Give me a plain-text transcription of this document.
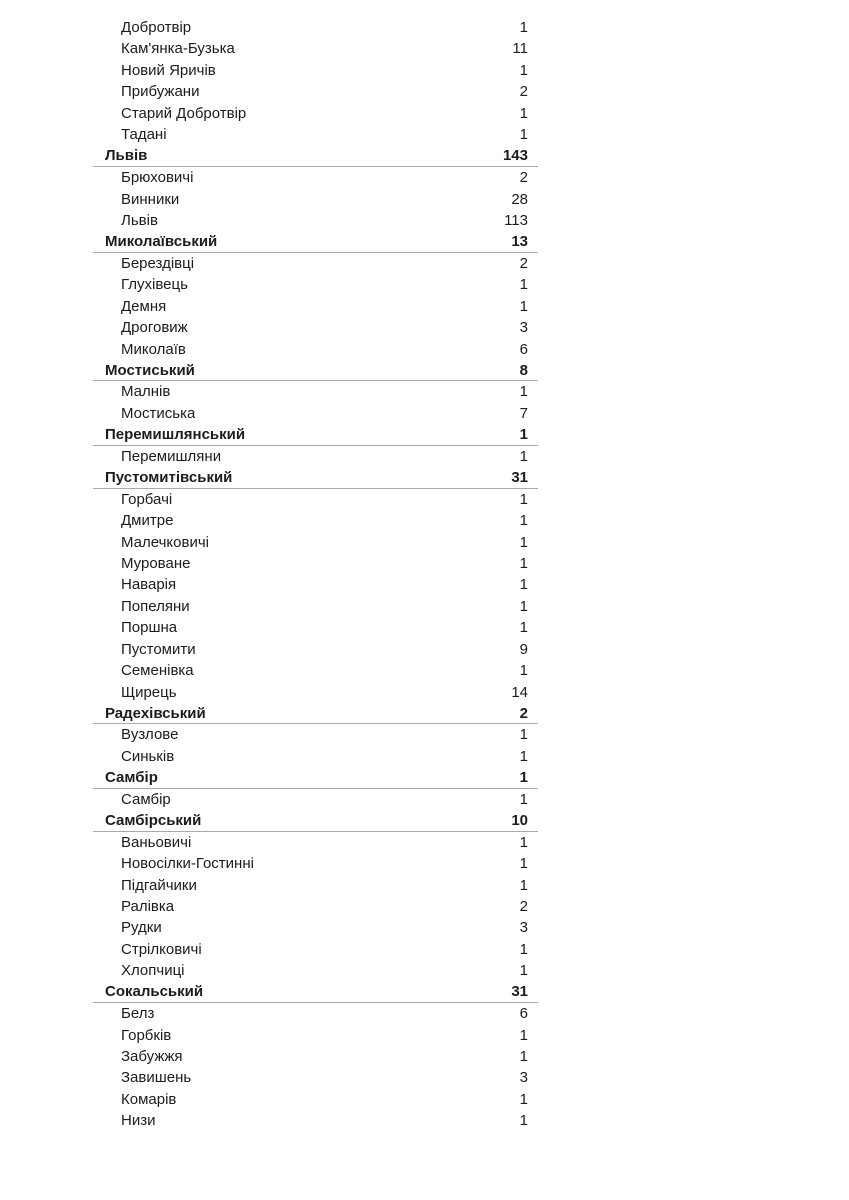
Добротвір	1
Кам'янка-Бузька	11
Новий Яричів	1
Прибужани	2
Старий Добротвір	1
Тадані	1
Львів	143
Брюховичі	2
Винники	28
Львів	113
Миколаївський	13
Берездівці	2
Глухівець	1
Демня	1
Дроговиж	3
Миколаїв	6
Мостиський	8
Малнів	1
Мостиська	7
Перемишлянський	1
Перемишляни	1
Пустомитівський	31
Горбачі	1
Дмитре	1
Малечковичі	1
Муроване	1
Наварія	1
Попеляни	1
Поршна	1
Пустомити	9
Семенівка	1
Щирець	14
Радехівський	2
Вузлове	1
Синьків	1
Самбір	1
Самбір	1
Самбірський	10
Ваньовичі	1
Новосілки-Гостинні	1
Підгайчики	1
Ралівка	2
Рудки	3
Стрілковичі	1
Хлопчиці	1
Сокальський	31
Белз	6
Горбків	1
Забужжя	1
Завишень	3
Комарів	1
Низи	1
